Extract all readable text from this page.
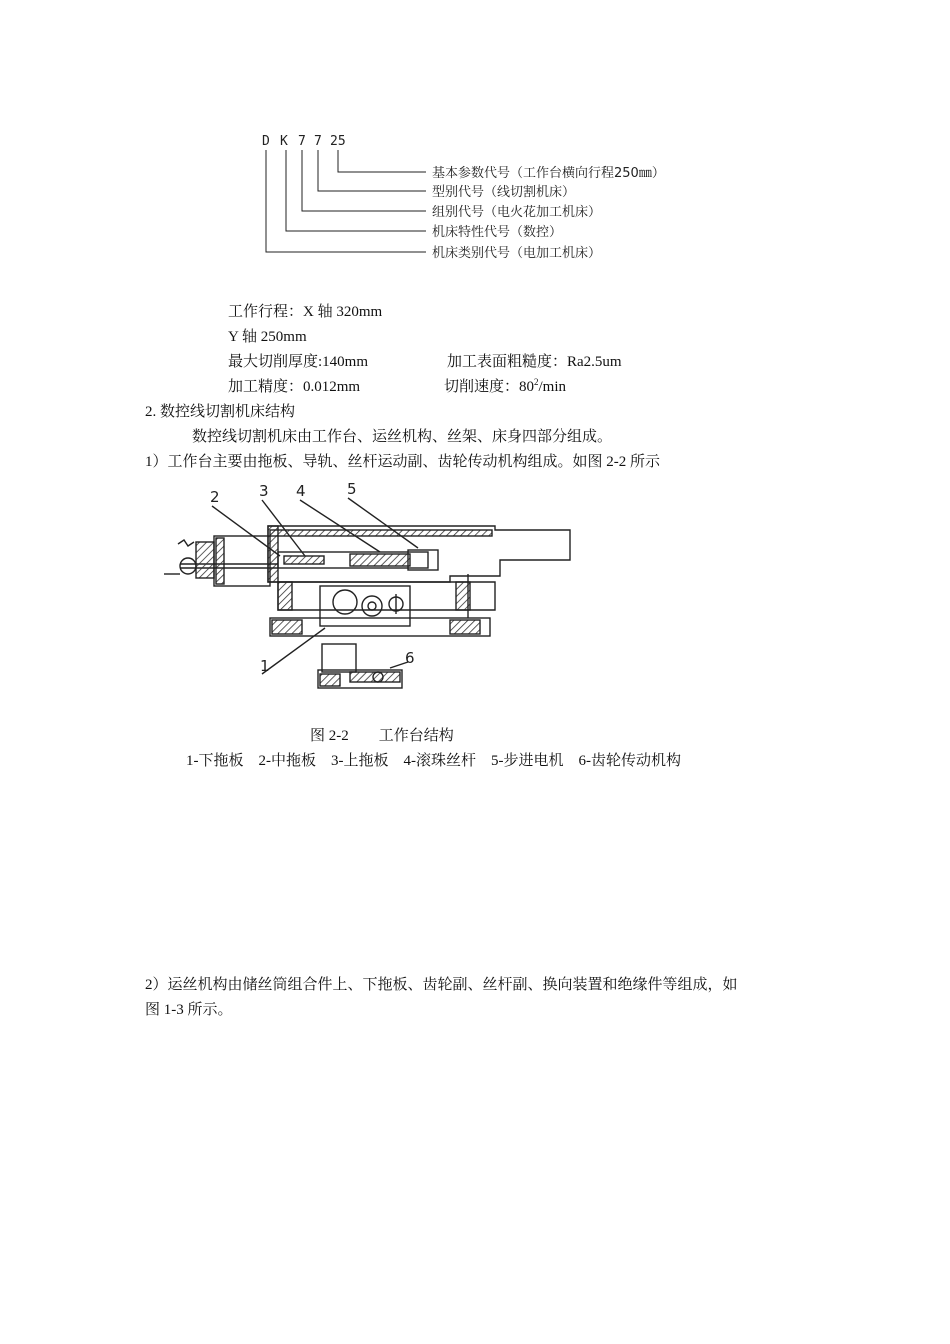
D K 7 7 25
基本参数代号（工作台横向行程250㎜）
型别代号（线切割机床）
组别代号（电火花加工机床）
机床特性代号（数控）
机床类别代号（电加工机床）
工作行程：X 轴 320mm
Y 轴 250mm
最大切削厚度:140mm	加工表面粗糙度：Ra2.5um
加工精度：0.012mm	切削速度：$80^2/\min$
2. 数控线切割机床结构
数控线切割机床由工作台、运丝机构、丝架、床身四部分组成。
1）工作台主要由拖板、导轨、丝杆运动副、齿轮传动机构组成。如图 2-2 所示
2	3 4	5
1	6
图 2-2　　工作台结构
1-下拖板　2-中拖板　3-上拖板　4-滚珠丝杆　5-步进电机　6-齿轮传动机构
2）运丝机构由储丝筒组合件上、下拖板、齿轮副、丝杆副、换向装置和绝缘件等组成，如
图 1-3 所示。
